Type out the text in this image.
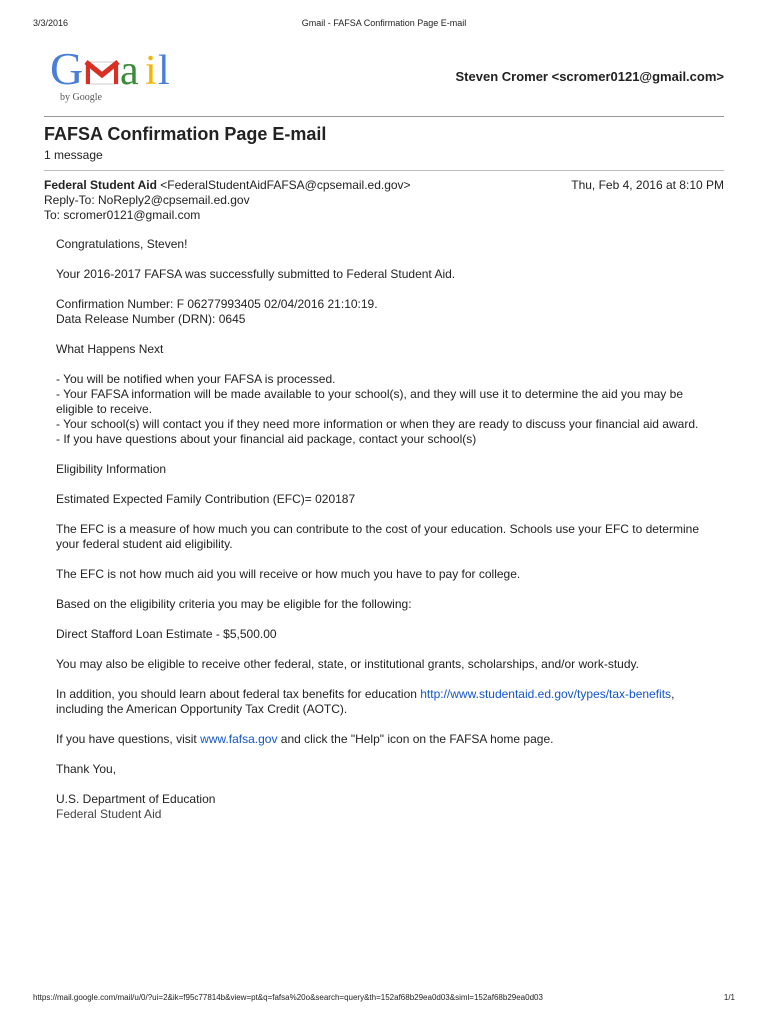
3/3/2016	Gmail - FAFSA Confirmation Page E-mail
G a i l
by Google
Steven Cromer <scromer0121@gmail.com>
FAFSA Confirmation Page E-mail
1 message
Federal Student Aid <FederalStudentAidFAFSA@cpsemail.ed.gov>	Thu, Feb 4, 2016 at 8:10 PM
Reply-To: NoReply2@cpsemail.ed.gov
To: scromer0121@gmail.com

Congratulations, Steven!

Your 2016-2017 FAFSA was successfully submitted to Federal Student Aid.

Confirmation Number: F 06277993405 02/04/2016 21:10:19.
Data Release Number (DRN): 0645

What Happens Next

- You will be notified when your FAFSA is processed.
- Your FAFSA information will be made available to your school(s), and they will use it to determine the aid you may be eligible to receive.
- Your school(s) will contact you if they need more information or when they are ready to discuss your financial aid award.
- If you have questions about your financial aid package, contact your school(s)

Eligibility Information

Estimated Expected Family Contribution (EFC)= 020187

The EFC is a measure of how much you can contribute to the cost of your education. Schools use your EFC to determine your federal student aid eligibility.

The EFC is not how much aid you will receive or how much you have to pay for college.

Based on the eligibility criteria you may be eligible for the following:

Direct Stafford Loan Estimate - $5,500.00

You may also be eligible to receive other federal, state, or institutional grants, scholarships, and/or work-study.

In addition, you should learn about federal tax benefits for education http://www.studentaid.ed.gov/types/tax-benefits, including the American Opportunity Tax Credit (AOTC).

If you have questions, visit www.fafsa.gov and click the "Help" icon on the FAFSA home page.

Thank You,

U.S. Department of Education
Federal Student Aid

https://mail.google.com/mail/u/0/?ui=2&ik=f95c77814b&view=pt&q=fafsa%20o&search=query&th=152af68b29ea0d03&siml=152af68b29ea0d03	1/1
